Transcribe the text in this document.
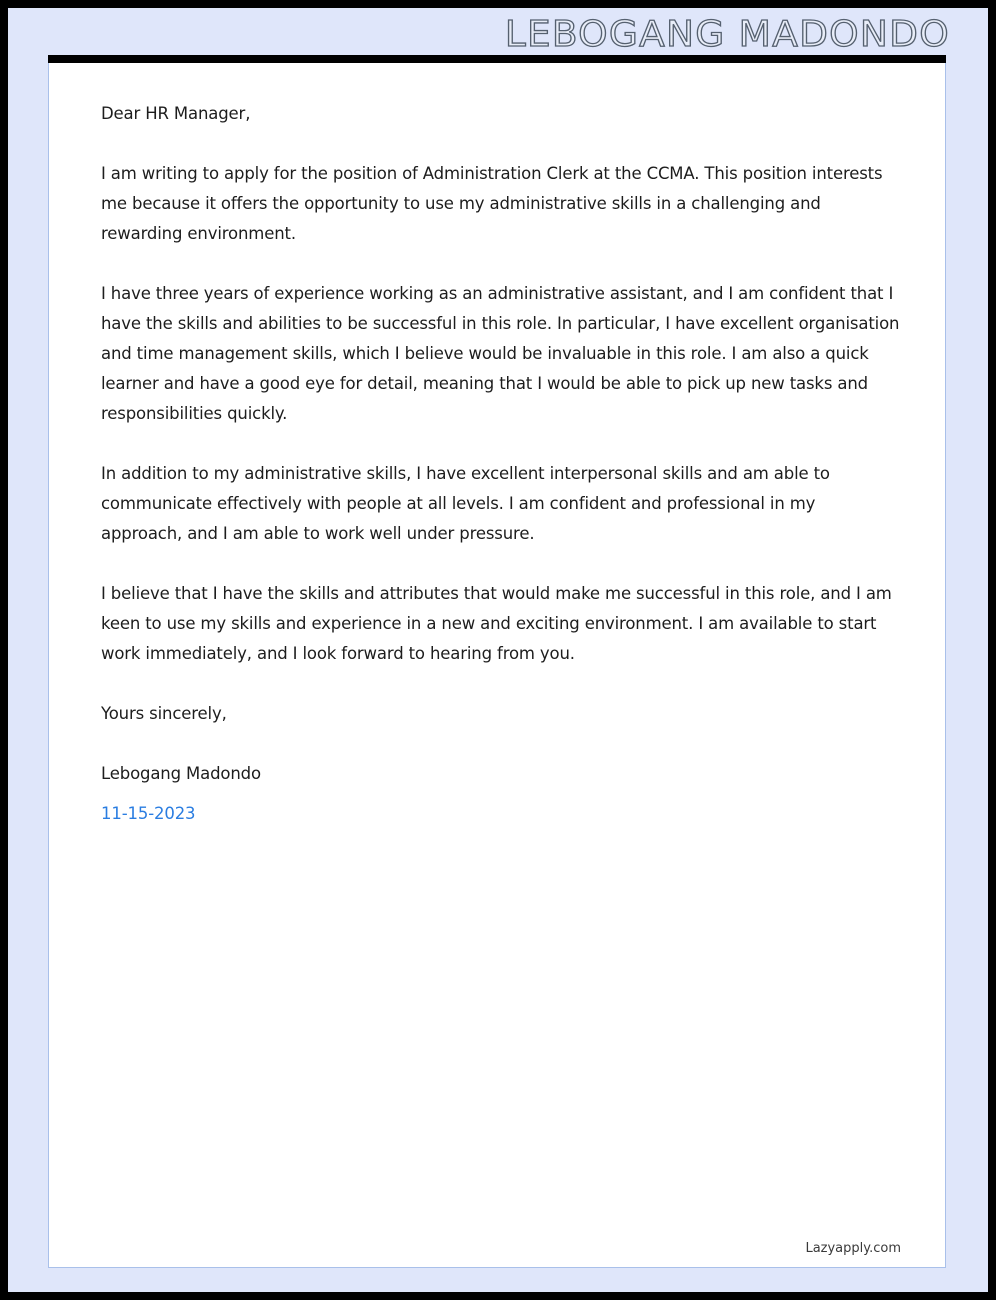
LEBOGANG MADONDO

Dear HR Manager,

I am writing to apply for the position of Administration Clerk at the CCMA. This position interests me because it offers the opportunity to use my administrative skills in a challenging and rewarding environment.

I have three years of experience working as an administrative assistant, and I am confident that I have the skills and abilities to be successful in this role. In particular, I have excellent organisation and time management skills, which I believe would be invaluable in this role. I am also a quick learner and have a good eye for detail, meaning that I would be able to pick up new tasks and responsibilities quickly.

In addition to my administrative skills, I have excellent interpersonal skills and am able to communicate effectively with people at all levels. I am confident and professional in my approach, and I am able to work well under pressure.

I believe that I have the skills and attributes that would make me successful in this role, and I am keen to use my skills and experience in a new and exciting environment. I am available to start work immediately, and I look forward to hearing from you.

Yours sincerely,

Lebogang Madondo

11-15-2023

Lazyapply.com
